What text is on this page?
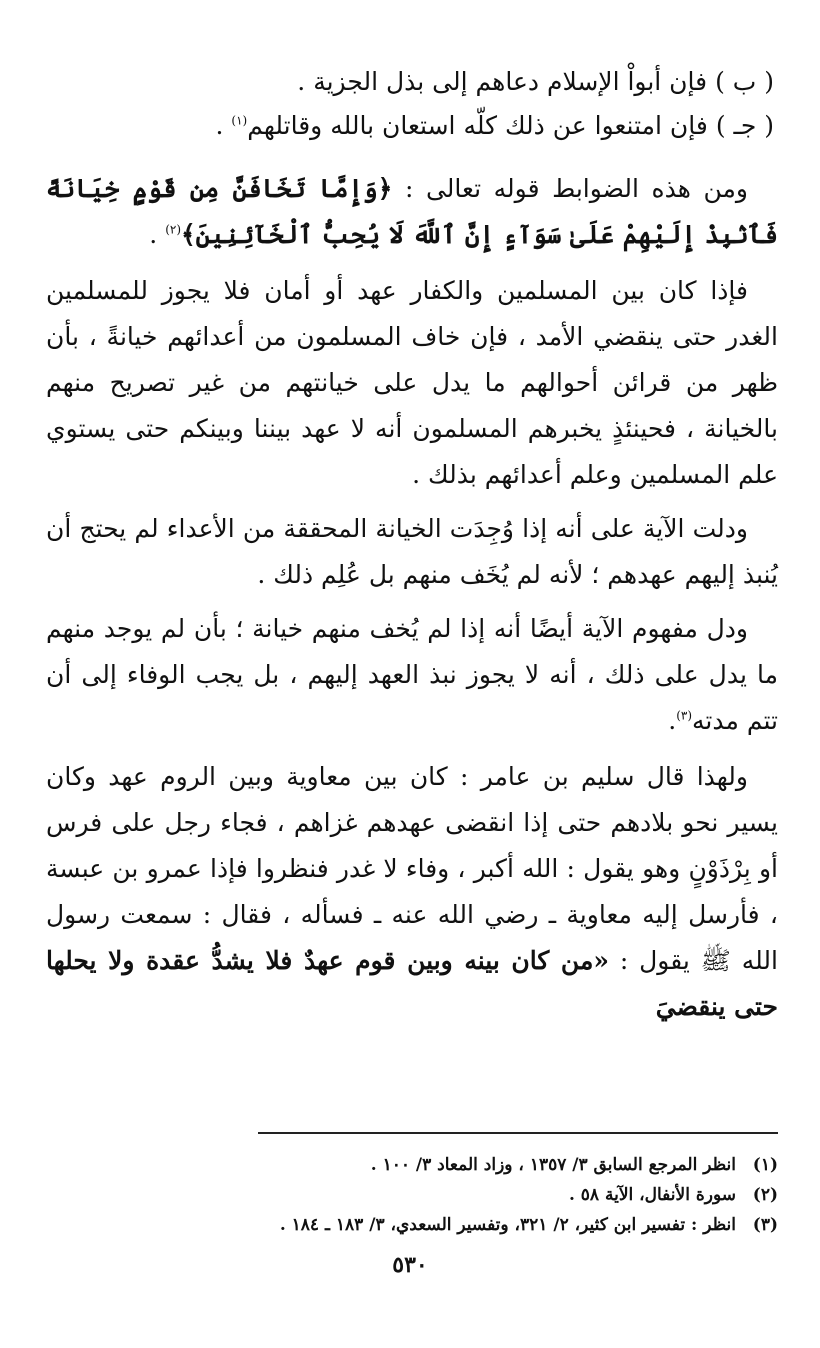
( ب ) فإن أبواْ الإسلام دعاهم إلى بذل الجزية .
( جـ ) فإن امتنعوا عن ذلك كلّه استعان بالله وقاتلهم$^{(١)}$ .

ومن هذه الضوابط قوله تعالى : ﴿وَإِمَّا تَخَافَنَّ مِن قَوْمٍ خِيَانَةً فَٱنۢبِذْ إِلَيْهِمْ عَلَىٰ سَوَآءٍ إِنَّ ٱللَّهَ لَا يُحِبُّ ٱلْخَآئِنِينَ﴾$^{(٢)}$ .

فإذا كان بين المسلمين والكفار عهد أو أمان فلا يجوز للمسلمين الغدر حتى ينقضي الأمد ، فإن خاف المسلمون من أعدائهم خيانةً ، بأن ظهر من قرائن أحوالهم ما يدل على خيانتهم من غير تصريح منهم بالخيانة ، فحينئذٍ يخبرهم المسلمون أنه لا عهد بيننا وبينكم حتى يستوي علم المسلمين وعلم أعدائهم بذلك .

ودلت الآية على أنه إذا وُجِدَت الخيانة المحققة من الأعداء لم يحتج أن يُنبذ إليهم عهدهم ؛ لأنه لم يُخَف منهم بل عُلِم ذلك .

ودل مفهوم الآية أيضًا أنه إذا لم يُخف منهم خيانة ؛ بأن لم يوجد منهم ما يدل على ذلك ، أنه لا يجوز نبذ العهد إليهم ، بل يجب الوفاء إلى أن تتم مدته$^{(٣)}$.

ولهذا قال سليم بن عامر : كان بين معاوية وبين الروم عهد وكان يسير نحو بلادهم حتى إذا انقضى عهدهم غزاهم ، فجاء رجل على فرس أو بِرْذَوْنٍ وهو يقول : الله أكبر ، وفاء لا غدر فنظروا فإذا عمرو بن عبسة ، فأرسل إليه معاوية ـ رضي الله عنه ـ فسأله ، فقال : سمعت رسول الله ﷺ يقول : «من كان بينه وبين قوم عهدٌ فلا يشدُّ عقدة ولا يحلها حتى ينقضيَ

(١)
انظر المرجع السابق ٣/ ١٣٥٧ ، وزاد المعاد ٣/ ١٠٠ .
(٢)
سورة الأنفال، الآية ٥٨ .
(٣)
انظر : تفسير ابن كثير، ٢/ ٣٢١، وتفسير السعدي، ٣/ ١٨٣ ـ ١٨٤ .
٥٣٠
